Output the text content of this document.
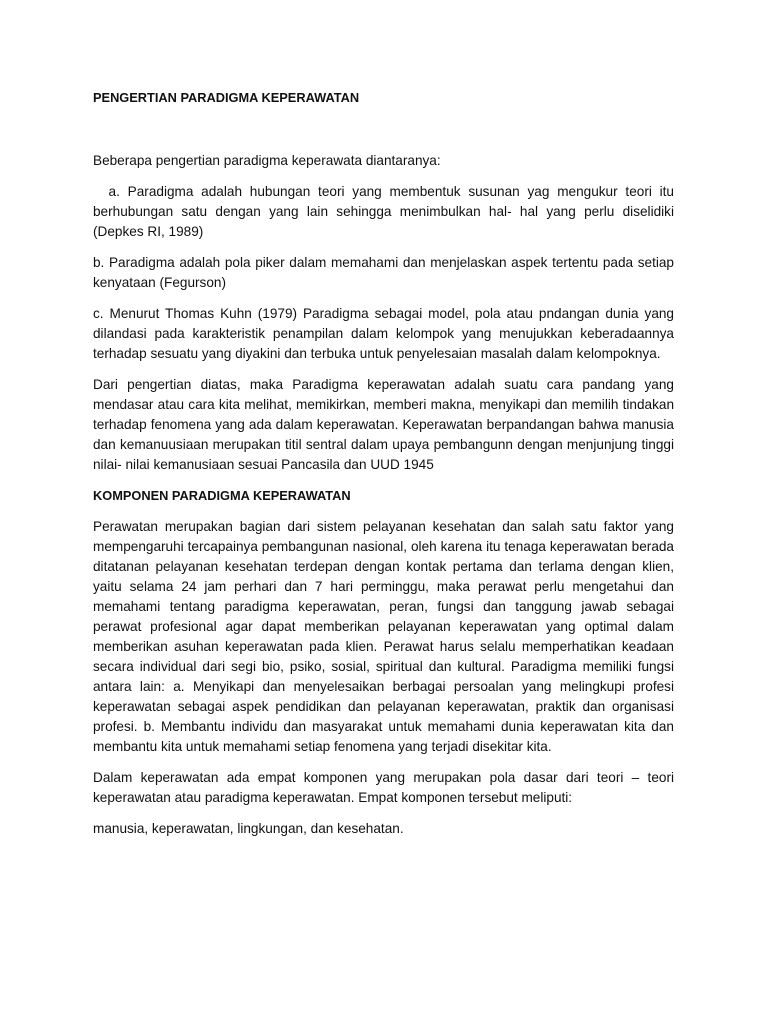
PENGERTIAN PARADIGMA KEPERAWATAN
Beberapa pengertian paradigma keperawata diantaranya:
a. Paradigma adalah hubungan teori yang membentuk susunan yag mengukur teori itu berhubungan satu dengan yang lain sehingga menimbulkan hal- hal yang perlu diselidiki (Depkes RI, 1989)
b. Paradigma adalah pola piker dalam memahami dan menjelaskan aspek tertentu pada setiap kenyataan (Fegurson)
c. Menurut Thomas Kuhn (1979) Paradigma sebagai model, pola atau pndangan dunia yang dilandasi pada karakteristik penampilan dalam kelompok yang menujukkan keberadaannya terhadap sesuatu yang diyakini dan terbuka untuk penyelesaian masalah dalam kelompoknya.
Dari pengertian diatas, maka Paradigma keperawatan adalah suatu cara pandang yang mendasar atau cara kita melihat, memikirkan, memberi makna, menyikapi dan memilih tindakan terhadap fenomena yang ada dalam keperawatan. Keperawatan berpandangan bahwa manusia dan kemanuusiaan merupakan titil sentral dalam upaya pembangunn dengan menjunjung tinggi nilai- nilai kemanusiaan sesuai Pancasila dan UUD 1945
KOMPONEN PARADIGMA KEPERAWATAN
Perawatan merupakan bagian dari sistem pelayanan kesehatan dan salah satu faktor yang mempengaruhi tercapainya pembangunan nasional, oleh karena itu tenaga keperawatan berada ditatanan pelayanan kesehatan terdepan dengan kontak pertama dan terlama dengan klien, yaitu selama 24 jam perhari dan 7 hari perminggu, maka perawat perlu mengetahui dan memahami tentang paradigma keperawatan, peran, fungsi dan tanggung jawab sebagai perawat profesional agar dapat memberikan pelayanan keperawatan yang optimal dalam memberikan asuhan keperawatan pada klien. Perawat harus selalu memperhatikan keadaan secara individual dari segi bio, psiko, sosial, spiritual dan kultural. Paradigma memiliki fungsi antara lain: a. Menyikapi dan menyelesaikan berbagai persoalan yang melingkupi profesi keperawatan sebagai aspek pendidikan dan pelayanan keperawatan, praktik dan organisasi profesi. b. Membantu individu dan masyarakat untuk memahami dunia keperawatan kita dan membantu kita untuk memahami setiap fenomena yang terjadi disekitar kita.
Dalam keperawatan ada empat komponen yang merupakan pola dasar dari teori – teori keperawatan atau paradigma keperawatan. Empat komponen tersebut meliputi:
manusia, keperawatan, lingkungan, dan kesehatan.
